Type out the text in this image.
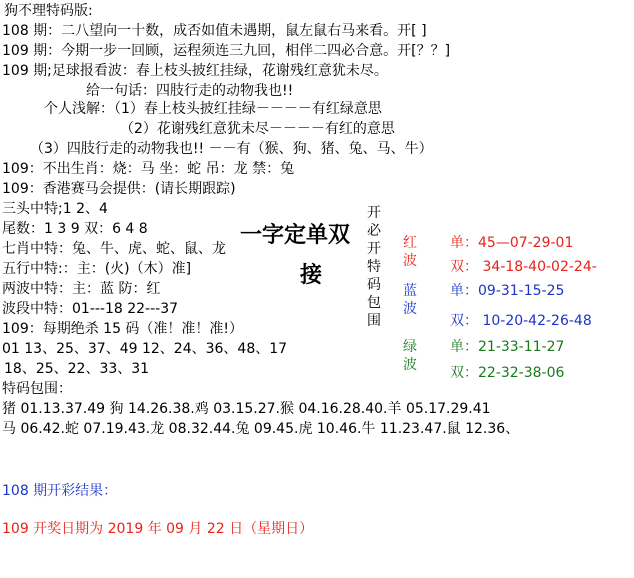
狗不理特码版:
108 期：二八望向一十数，成否如值未遇期，鼠左鼠右马来看。开[ ]
109 期：今期一步一回顾，运程须连三九回，相伴二四必合意。开[？？]
109 期;足球报看波：春上枝头披红挂绿，花谢残红意犹未尽。
给一句话：四肢行走的动物我也!!
个人浅解：（1）春上枝头披红挂绿－－－－有红绿意思
（2）花谢残红意犹未尽－－－－有红的意思
（3）四肢行走的动物我也!! －－有（猴、狗、猪、兔、马、牛）
109：不出生肖：烧：马 坐：蛇 吊：龙 禁：兔
109：香港赛马会提供：(请长期跟踪)
三头中特;1 2、4
尾数：1 3 9 双：6 4 8
七肖中特：兔、牛、虎、蛇、鼠、龙
五行中特:：主：(火)（木）准]
两波中特：主：蓝 防：红
波段中特：01---18 22---37
109：每期绝杀 15 码（准！准！准!）
01 13、25、37、49 12、24、36、48、17
18、25、22、33、31
特码包围：
猪 01.13.37.49 狗 14.26.38.鸡 03.15.27.猴 04.16.28.40.羊 05.17.29.41
马 06.42.蛇 07.19.43.龙 08.32.44.兔 09.45.虎 10.46.牛 11.23.47.鼠 12.36、
108 期开彩结果：
109 开奖日期为 2019 年 09 月 22 日（星期日）
一字定单双
接
开必开特码包围
红波
蓝波
绿波
单：45—07-29-01
双： 34-18-40-02-24-
单：09-31-15-25
双： 10-20-42-26-48
单：21-33-11-27
双：22-32-38-06
